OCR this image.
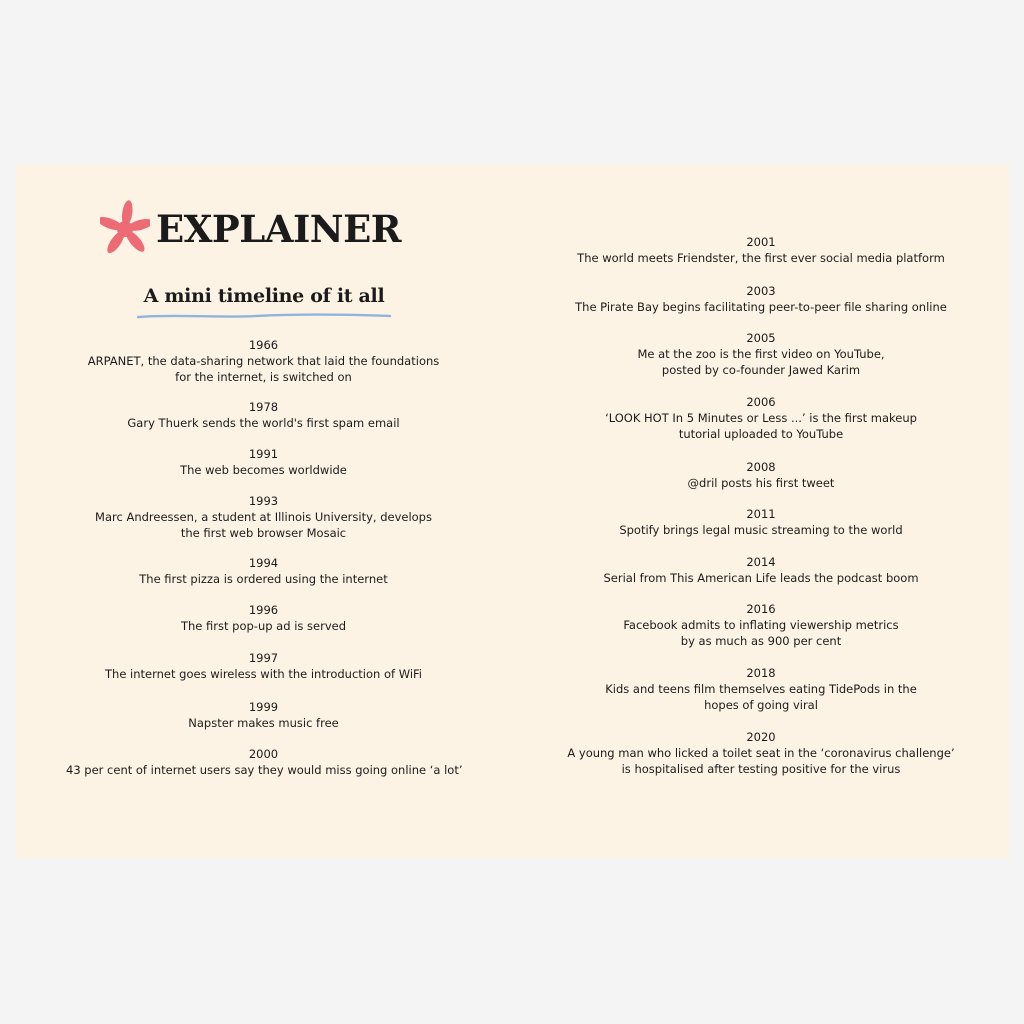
EXPLAINER
A mini timeline of it all
1966
ARPANET, the data-sharing network that laid the foundations
for the internet, is switched on
1978
Gary Thuerk sends the world's first spam email
1991
The web becomes worldwide
1993
Marc Andreessen, a student at Illinois University, develops
the first web browser Mosaic
1994
The first pizza is ordered using the internet
1996
The first pop-up ad is served
1997
The internet goes wireless with the introduction of WiFi
1999
Napster makes music free
2000
43 per cent of internet users say they would miss going online ‘a lot’
2001
The world meets Friendster, the first ever social media platform
2003
The Pirate Bay begins facilitating peer-to-peer file sharing online
2005
Me at the zoo is the first video on YouTube,
posted by co-founder Jawed Karim
2006
‘LOOK HOT In 5 Minutes or Less ...’ is the first makeup
tutorial uploaded to YouTube
2008
@dril posts his first tweet
2011
Spotify brings legal music streaming to the world
2014
Serial from This American Life leads the podcast boom
2016
Facebook admits to inflating viewership metrics
by as much as 900 per cent
2018
Kids and teens film themselves eating TidePods in the
hopes of going viral
2020
A young man who licked a toilet seat in the ‘coronavirus challenge’
is hospitalised after testing positive for the virus
